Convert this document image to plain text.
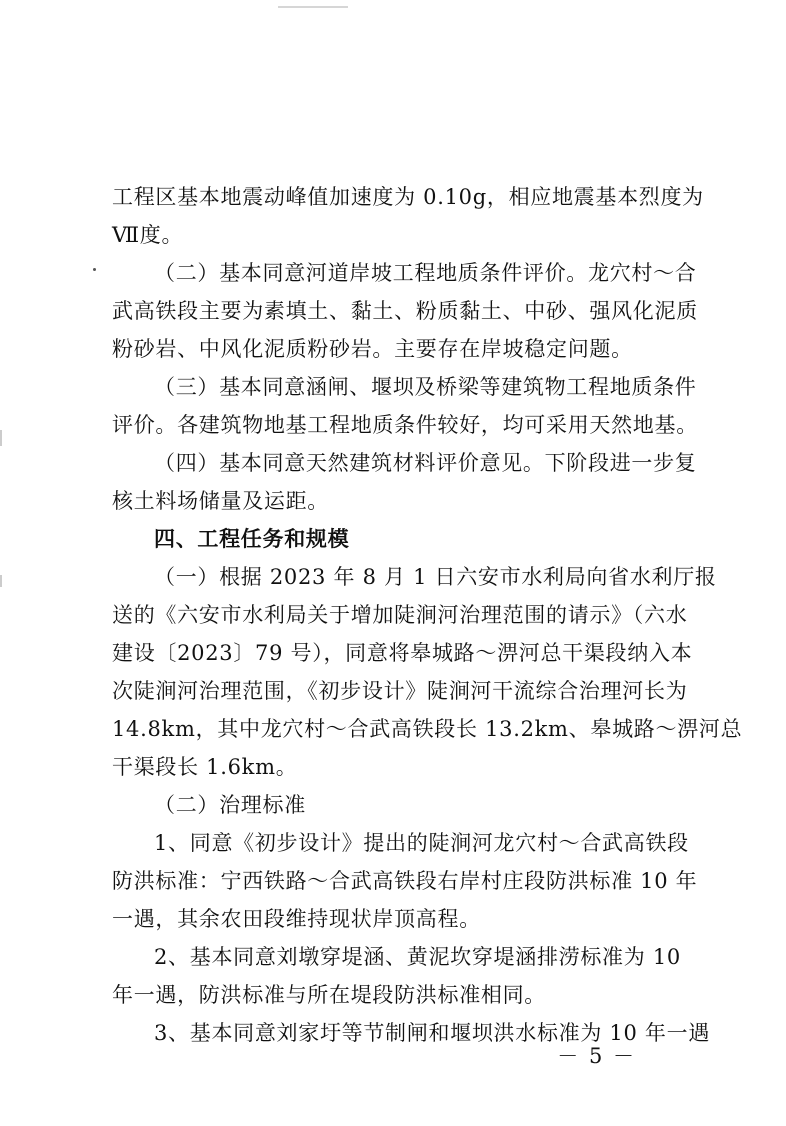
工程区基本地震动峰值加速度为 0.10g，相应地震基本烈度为
Ⅶ度。
（二）基本同意河道岸坡工程地质条件评价。龙穴村～合
武高铁段主要为素填土、黏土、粉质黏土、中砂、强风化泥质
粉砂岩、中风化泥质粉砂岩。主要存在岸坡稳定问题。
（三）基本同意涵闸、堰坝及桥梁等建筑物工程地质条件
评价。各建筑物地基工程地质条件较好，均可采用天然地基。
（四）基本同意天然建筑材料评价意见。下阶段进一步复
核土料场储量及运距。
四、工程任务和规模
（一）根据 2023 年 8 月 1 日六安市水利局向省水利厅报
送的《六安市水利局关于增加陡涧河治理范围的请示》（六水
建设〔2023〕79 号），同意将皋城路～淠河总干渠段纳入本
次陡涧河治理范围，《初步设计》陡涧河干流综合治理河长为
14.8km，其中龙穴村～合武高铁段长 13.2km、皋城路～淠河总
干渠段长 1.6km。
（二）治理标准
1、同意《初步设计》提出的陡涧河龙穴村～合武高铁段
防洪标准：宁西铁路～合武高铁段右岸村庄段防洪标准 10 年
一遇，其余农田段维持现状岸顶高程。
2、基本同意刘墩穿堤涵、黄泥坎穿堤涵排涝标准为 10
年一遇，防洪标准与所在堤段防洪标准相同。
3、基本同意刘家圩等节制闸和堰坝洪水标准为 10 年一遇
－ 5 －
